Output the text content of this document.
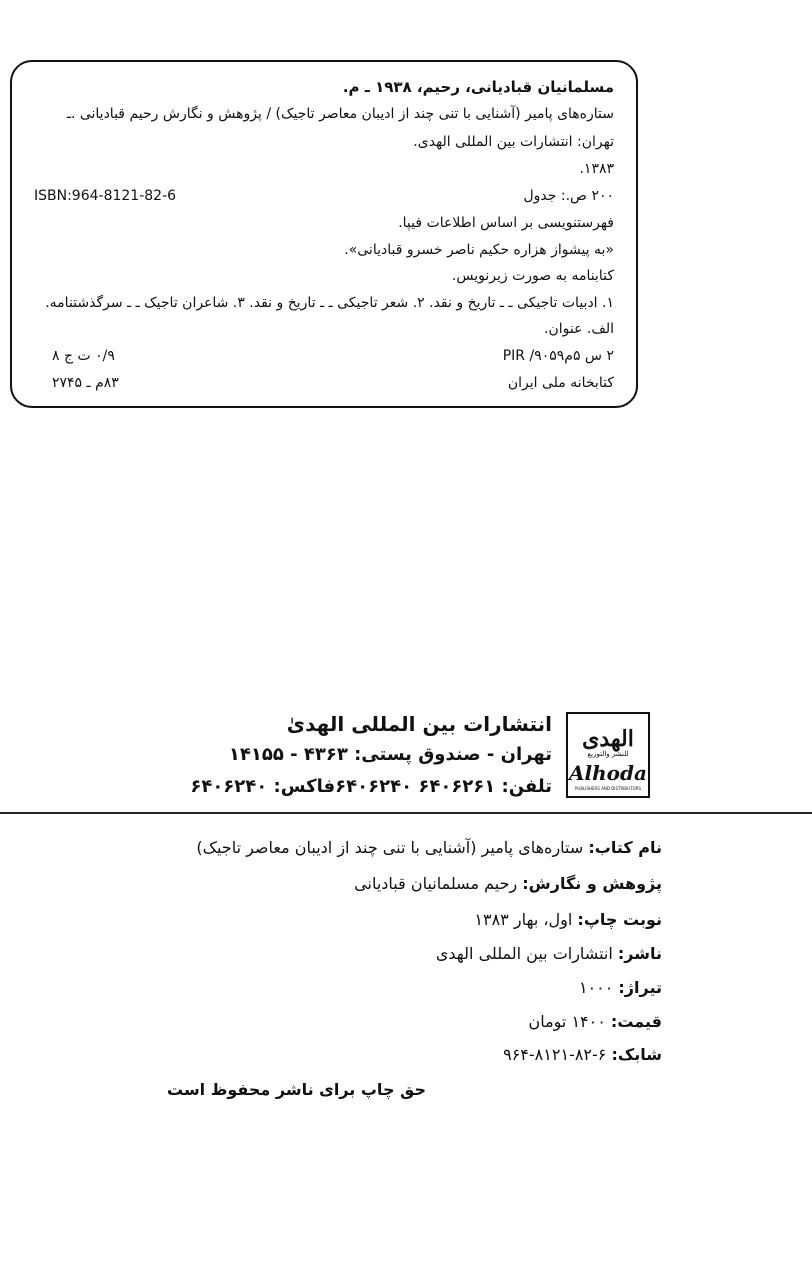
مسلمانیان قبادیانی، رحیم، ۱۹۳۸ ـ م.
ستاره‌های پامیر (آشنایی با تنی چند از ادیبان معاصر تاجیک) / پژوهش و نگارش رحیم قبادیانی .ـ
تهران: انتشارات بین المللی الهدی.
۱۳۸۳.
۲۰۰ ص.: جدول
ISBN:964-8121-82-6
فهرستنویسی بر اساس اطلاعات فیپا.
«به پیشواز هزاره حکیم ناصر خسرو قبادیانی».
کتابنامه به صورت زیرنویس.
۱. ادبیات تاجیکی ـ ـ تاریخ و نقد. ۲. شعر تاجیکی ـ ـ تاریخ و نقد. ۳. شاعران تاجیک ـ ـ سرگذشتنامه.
الف. عنوان.
۲ س ۵م۹۰۵۹/ PIR
۰/۹ ت ج ۸
کتابخانه ملی ایران
۸۳م ـ ۲۷۴۵
الهدی
للنشر والتوزيع
Alhoda
PUBLISHERS AND DISTRIBUTORS
انتشارات بین المللی الهدیٰ
تهران - صندوق پستی: ۴۳۶۳ - ۱۴۱۵۵
تلفن: ۶۴۰۶۲۶۱ ۶۴۰۶۲۴۰فاکس: ۶۴۰۶۲۴۰
نام کتاب: ستاره‌های پامیر (آشنایی با تنی چند از ادیبان معاصر تاجیک)
پژوهش و نگارش: رحیم مسلمانیان قبادیانی
نوبت چاپ: اول، بهار ۱۳۸۳
ناشر: انتشارات بین المللی الهدی
تیراژ: ۱۰۰۰
قیمت: ۱۴۰۰ تومان
شابک: ۶-۸۲-۸۱۲۱-۹۶۴
حق چاپ برای ناشر محفوظ است
